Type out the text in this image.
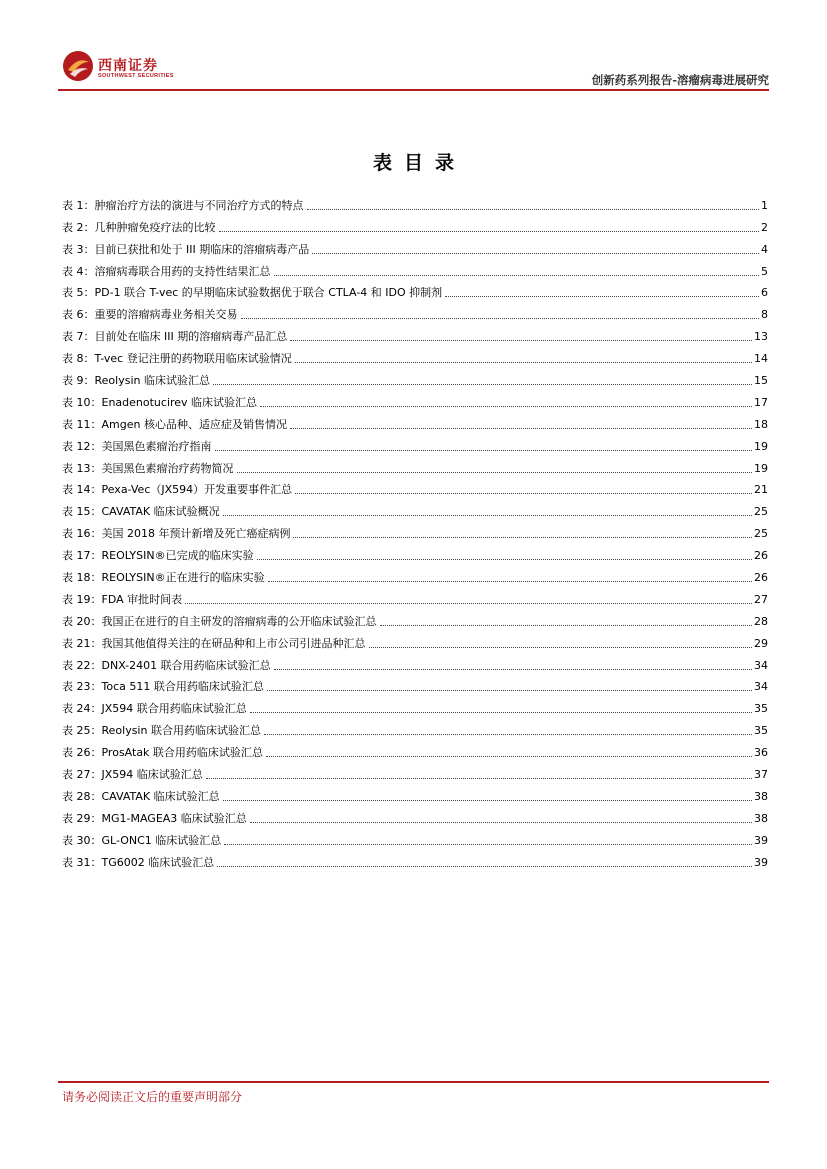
西南证券
SOUTHWEST SECURITIES	创新药系列报告-溶瘤病毒进展研究
表目录
表 1：肿瘤治疗方法的演进与不同治疗方式的特点	1
表 2：几种肿瘤免疫疗法的比较	2
表 3：目前已获批和处于 III 期临床的溶瘤病毒产品	4
表 4：溶瘤病毒联合用药的支持性结果汇总	5
表 5：PD-1 联合 T-vec 的早期临床试验数据优于联合 CTLA-4 和 IDO 抑制剂	6
表 6：重要的溶瘤病毒业务相关交易	8
表 7：目前处在临床 III 期的溶瘤病毒产品汇总	13
表 8：T-vec 登记注册的药物联用临床试验情况	14
表 9：Reolysin 临床试验汇总	15
表 10：Enadenotucirev 临床试验汇总	17
表 11：Amgen 核心品种、适应症及销售情况	18
表 12：美国黑色素瘤治疗指南	19
表 13：美国黑色素瘤治疗药物简况	19
表 14：Pexa-Vec（JX594）开发重要事件汇总	21
表 15：CAVATAK 临床试验概况	25
表 16：美国 2018 年预计新增及死亡癌症病例	25
表 17：REOLYSIN®已完成的临床实验	26
表 18：REOLYSIN®正在进行的临床实验	26
表 19：FDA 审批时间表	27
表 20：我国正在进行的自主研发的溶瘤病毒的公开临床试验汇总	28
表 21：我国其他值得关注的在研品种和上市公司引进品种汇总	29
表 22：DNX-2401 联合用药临床试验汇总	34
表 23：Toca 511 联合用药临床试验汇总	34
表 24：JX594 联合用药临床试验汇总	35
表 25：Reolysin 联合用药临床试验汇总	35
表 26：ProsAtak 联合用药临床试验汇总	36
表 27：JX594 临床试验汇总	37
表 28：CAVATAK 临床试验汇总	38
表 29：MG1-MAGEA3 临床试验汇总	38
表 30：GL-ONC1 临床试验汇总	39
表 31：TG6002 临床试验汇总	39
请务必阅读正文后的重要声明部分
